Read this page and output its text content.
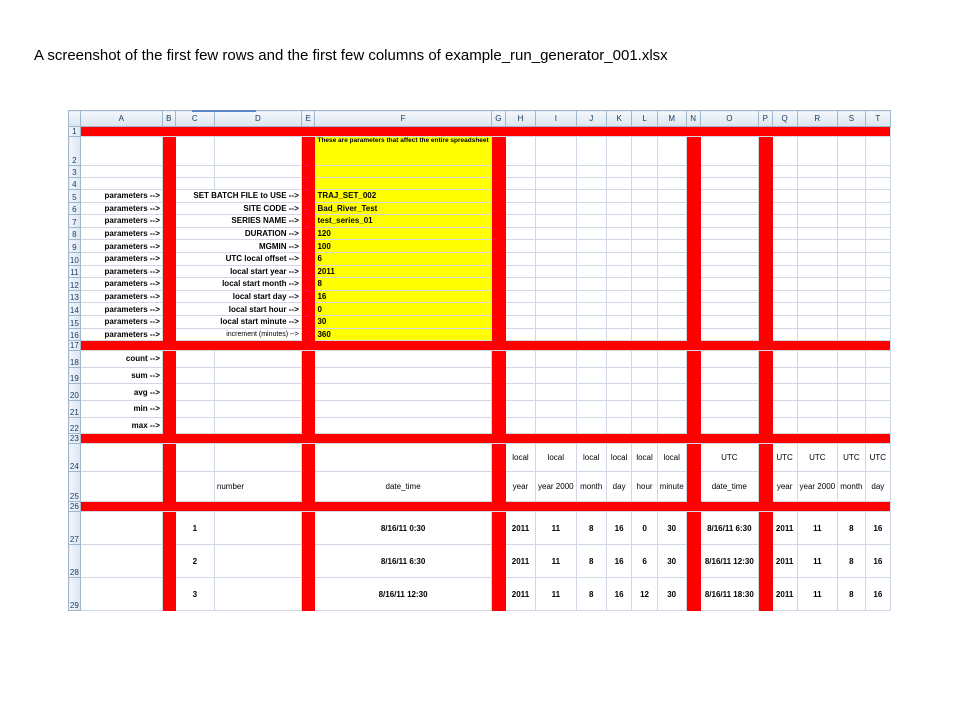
A screenshot of the first few rows and the first few columns of example_run_generator_001.xlsx
	A	B	C	D	E	F	G	H	I	J	K	L	M	N	O	P	Q	R	S	T
1																				
2						These are parameters that affect the entire spreadsheet														
3																				
4																				
5	parameters -->		SET BATCH FILE to USE -->			TRAJ_SET_002														
6	parameters -->		SITE CODE -->			Bad_River_Test														
7	parameters -->		SERIES NAME -->			test_series_01														
8	parameters -->		DURATION -->			120														
9	parameters -->		MGMIN -->			100														
10	parameters -->		UTC local offset -->			6														
11	parameters -->		local start year -->			2011														
12	parameters -->		local start month -->			8														
13	parameters -->		local start day -->			16														
14	parameters -->		local start hour -->			0														
15	parameters -->		local start minute -->			30														
16	parameters -->		increment (minutes) -->			360														
17																				
18	count -->																			
19	sum -->																			
20	avg -->																			
21	min -->																			
22	max -->																			
23																				
24								local	local	local	local	local	local		UTC		UTC	UTC	UTC	UTC
25				number		date_time		year	year 2000	month	day	hour	minute		date_time		year	year 2000	month	day
26																				
27			1			8/16/11 0:30		2011	11	8	16	0	30		8/16/11 6:30		2011	11	8	16
28			2			8/16/11 6:30		2011	11	8	16	6	30		8/16/11 12:30		2011	11	8	16
29			3			8/16/11 12:30		2011	11	8	16	12	30		8/16/11 18:30		2011	11	8	16
